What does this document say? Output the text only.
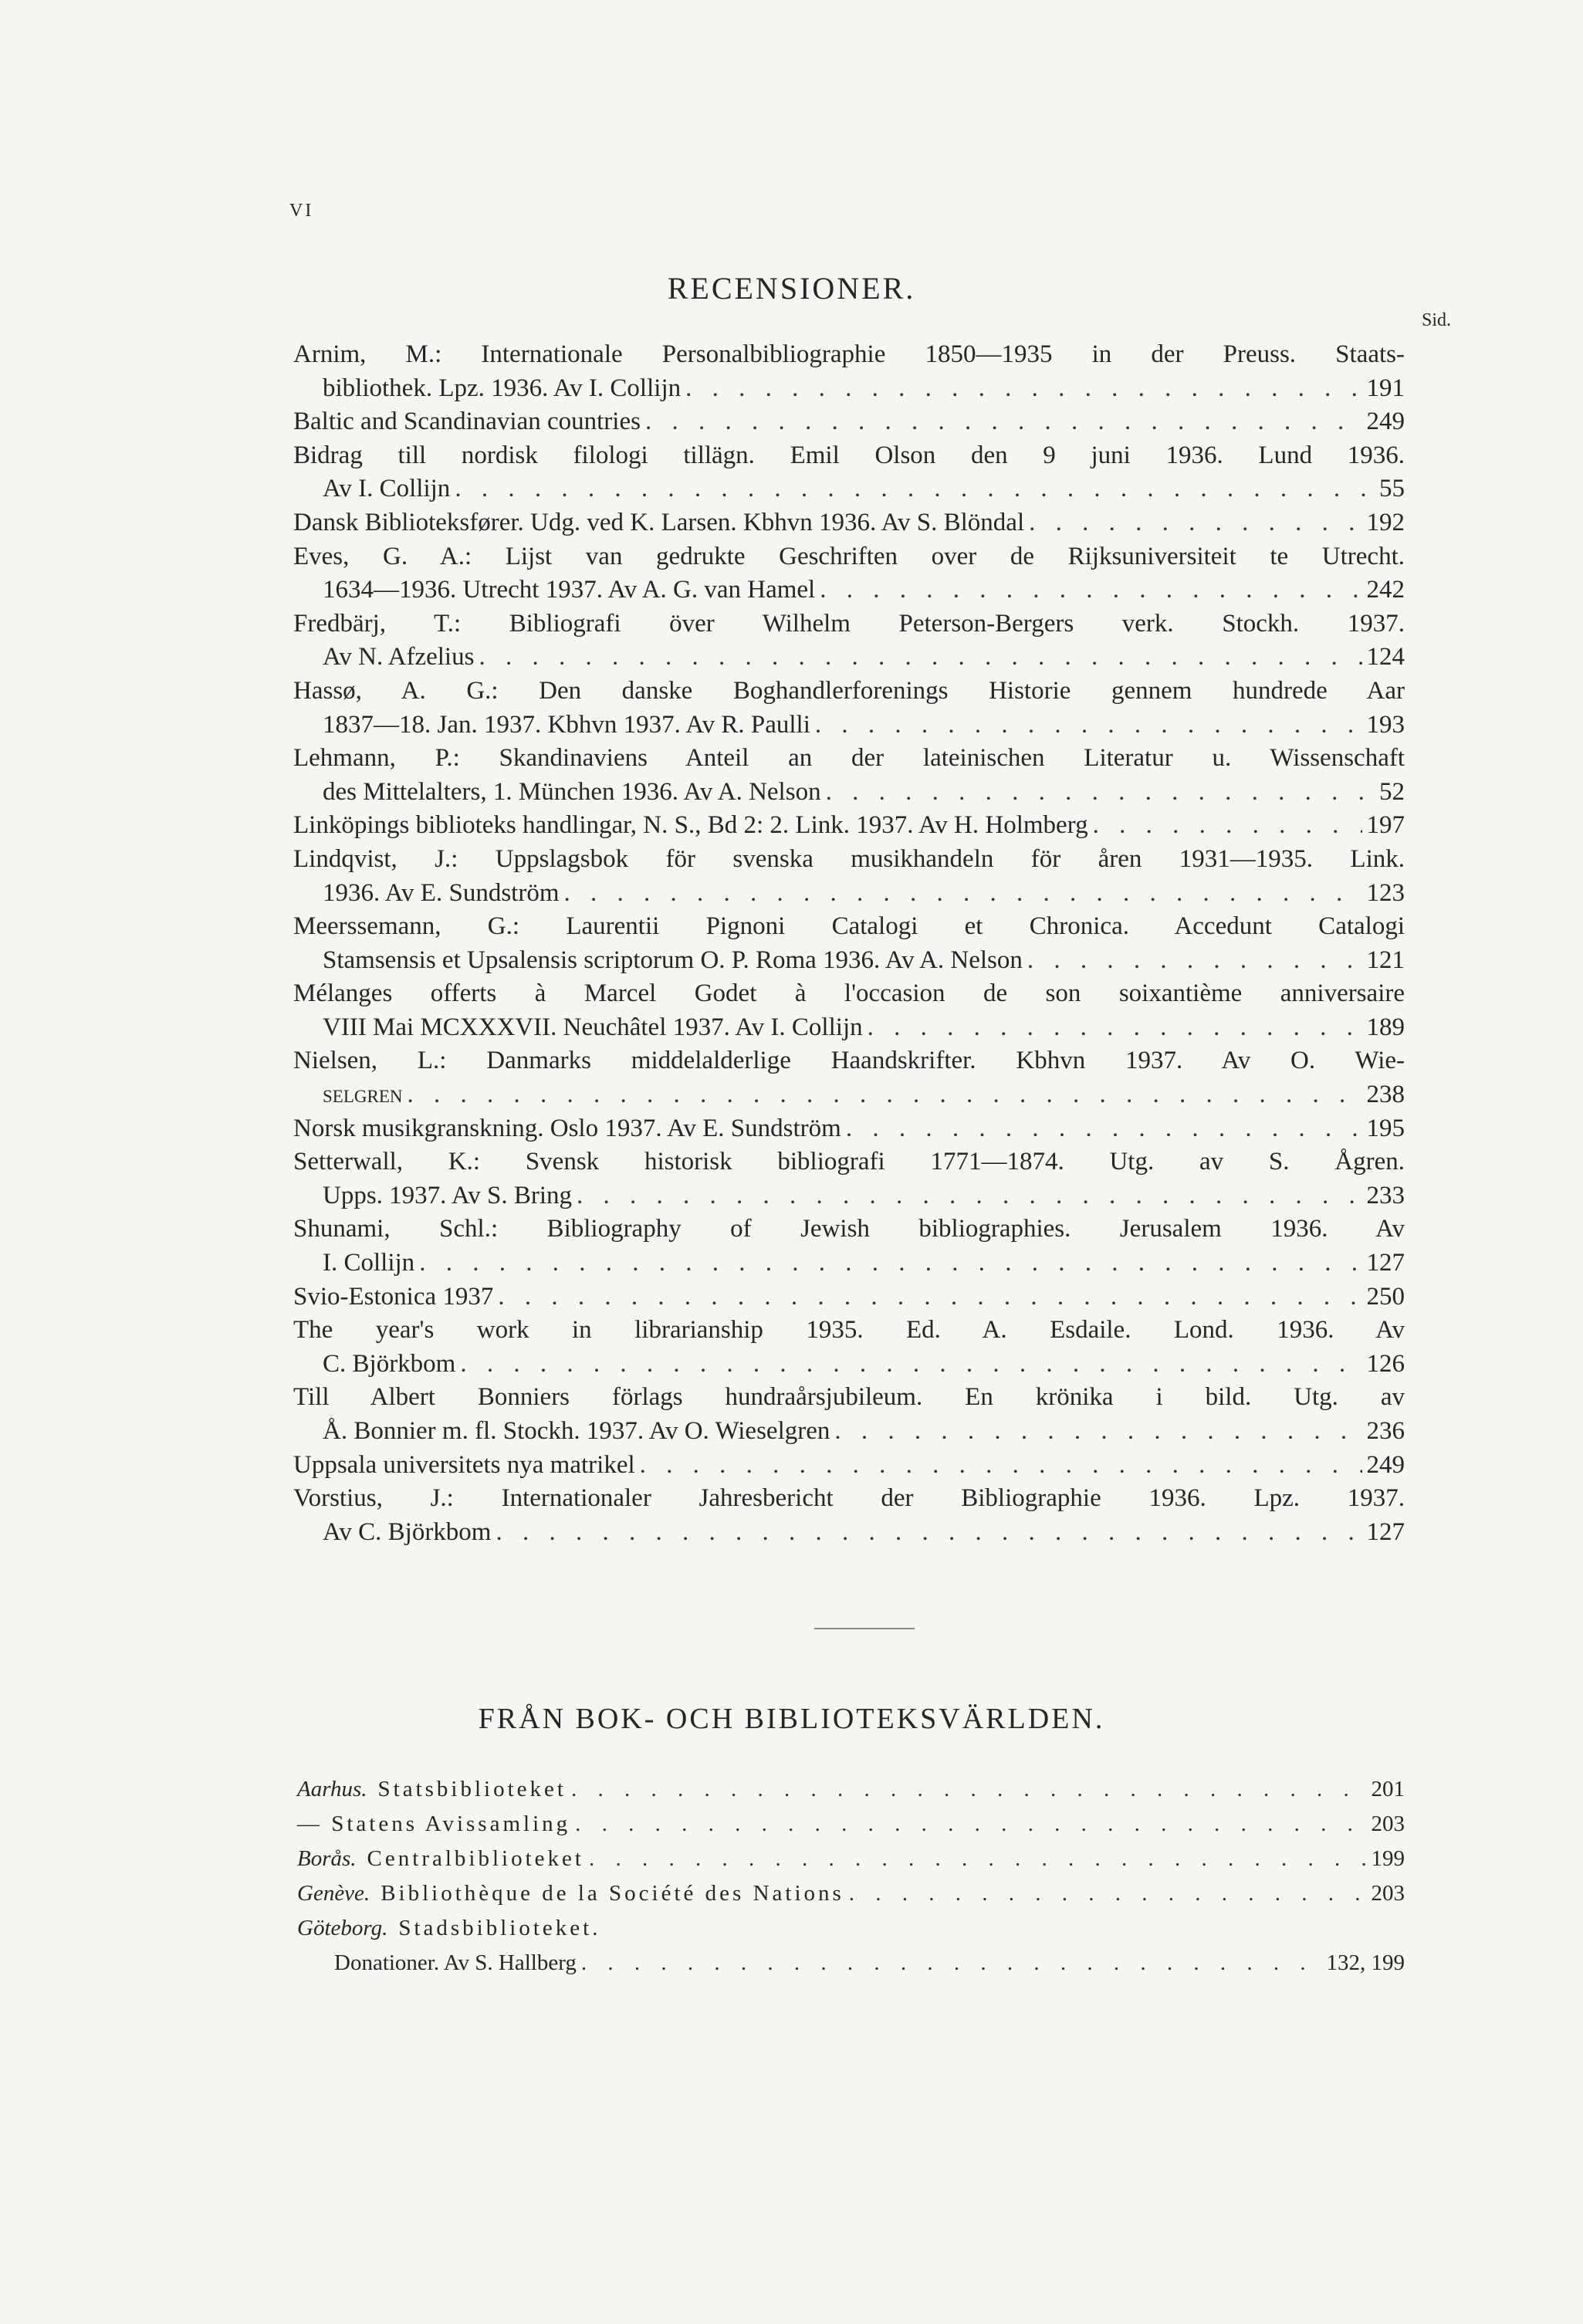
VI
RECENSIONER.
Sid.
Arnim, M.: Internationale Personalbibliographie 1850—1935 in der Preuss. Staats-
bibliothek. Lpz. 1936. Av I. Collijn . . .	191
Baltic and Scandinavian countries . . .	249
Bidrag till nordisk filologi tillägn. Emil Olson den 9 juni 1936. Lund 1936.
Av I. Collijn . . .	55
Dansk Biblioteksfører. Udg. ved K. Larsen. Kbhvn 1936. Av S. Blöndal . . .	192
Eves, G. A.: Lijst van gedrukte Geschriften over de Rijksuniversiteit te Utrecht.
1634—1936. Utrecht 1937. Av A. G. van Hamel . . .	242
Fredbärj, T.: Bibliografi över Wilhelm Peterson-Bergers verk. Stockh. 1937.
Av N. Afzelius . . .	124
Hassø, A. G.: Den danske Boghandlerforenings Historie gennem hundrede Aar
1837—18. Jan. 1937. Kbhvn 1937. Av R. Paulli . . .	193
Lehmann, P.: Skandinaviens Anteil an der lateinischen Literatur u. Wissenschaft
des Mittelalters, 1. München 1936. Av A. Nelson . . .	52
Linköpings biblioteks handlingar, N. S., Bd 2: 2. Link. 1937. Av H. Holmberg . . .	197
Lindqvist, J.: Uppslagsbok för svenska musikhandeln för åren 1931—1935. Link.
1936. Av E. Sundström . . .	123
Meerssemann, G.: Laurentii Pignoni Catalogi et Chronica. Accedunt Catalogi
Stamsensis et Upsalensis scriptorum O. P. Roma 1936. Av A. Nelson . . .	121
Mélanges offerts à Marcel Godet à l'occasion de son soixantième anniversaire
VIII Mai MCXXXVII. Neuchâtel 1937. Av I. Collijn . . .	189
Nielsen, L.: Danmarks middelalderlige Haandskrifter. Kbhvn 1937. Av O. Wie-
selgren . . .	238
Norsk musikgranskning. Oslo 1937. Av E. Sundström . . .	195
Setterwall, K.: Svensk historisk bibliografi 1771—1874. Utg. av S. Ågren.
Upps. 1937. Av S. Bring . . .	233
Shunami, Schl.: Bibliography of Jewish bibliographies. Jerusalem 1936. Av
I. Collijn . . .	127
Svio-Estonica 1937 . . .	250
The year's work in librarianship 1935. Ed. A. Esdaile. Lond. 1936. Av
C. Björkbom . . .	126
Till Albert Bonniers förlags hundraårsjubileum. En krönika i bild. Utg. av
Å. Bonnier m. fl. Stockh. 1937. Av O. Wieselgren . . .	236
Uppsala universitets nya matrikel . . .	249
Vorstius, J.: Internationaler Jahresbericht der Bibliographie 1936. Lpz. 1937.
Av C. Björkbom . . .	127
FRÅN BOK- OCH BIBLIOTEKSVÄRLDEN.
Aarhus. Statsbiblioteket . . .	201
— Statens Avissamling . . .	203
Borås. Centralbiblioteket . . .	199
Genève. Bibliothèque de la Société des Nations . . .	203
Göteborg. Stadsbiblioteket.
Donationer. Av S. Hallberg . . .	132, 199
